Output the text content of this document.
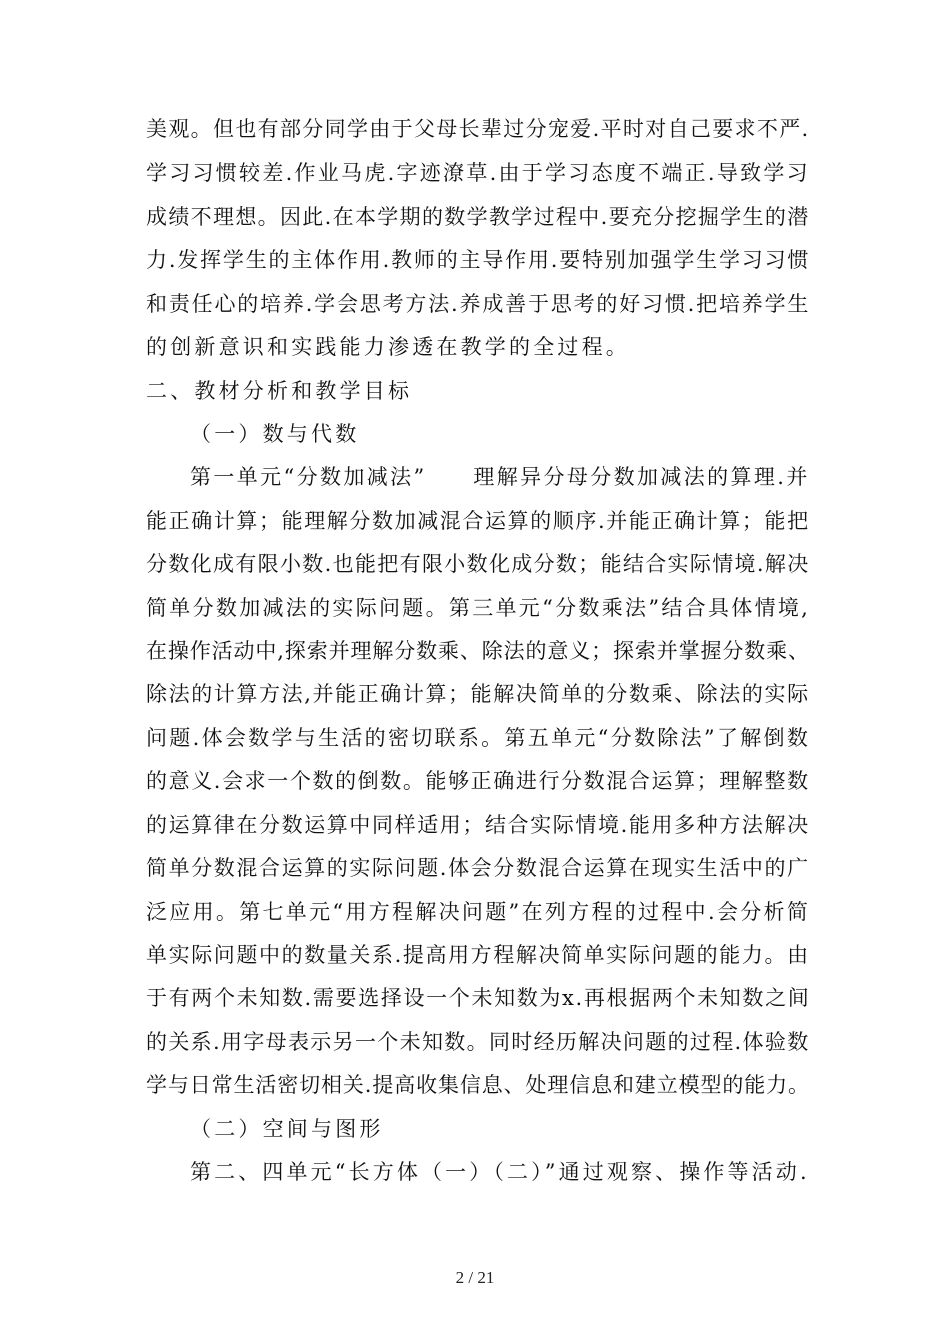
美观。但也有部分同学由于父母长辈过分宠爱.平时对自己要求不严.
学习习惯较差.作业马虎.字迹潦草.由于学习态度不端正.导致学习
成绩不理想。因此.在本学期的数学教学过程中.要充分挖掘学生的潜
力.发挥学生的主体作用.教师的主导作用.要特别加强学生学习习惯
和责任心的培养.学会思考方法.养成善于思考的好习惯.把培养学生
的创新意识和实践能力渗透在教学的全过程。
二、教材分析和教学目标
（一）数与代数
第一单元“分数加减法”　　理解异分母分数加减法的算理.并
能正确计算；能理解分数加减混合运算的顺序.并能正确计算；能把
分数化成有限小数.也能把有限小数化成分数；能结合实际情境.解决
简单分数加减法的实际问题。第三单元“分数乘法”结合具体情境,
在操作活动中,探索并理解分数乘、除法的意义；探索并掌握分数乘、
除法的计算方法,并能正确计算；能解决简单的分数乘、除法的实际
问题.体会数学与生活的密切联系。第五单元“分数除法”了解倒数
的意义.会求一个数的倒数。能够正确进行分数混合运算；理解整数
的运算律在分数运算中同样适用；结合实际情境.能用多种方法解决
简单分数混合运算的实际问题.体会分数混合运算在现实生活中的广
泛应用。第七单元“用方程解决问题”在列方程的过程中.会分析简
单实际问题中的数量关系.提高用方程解决简单实际问题的能力。由
于有两个未知数.需要选择设一个未知数为x.再根据两个未知数之间
的关系.用字母表示另一个未知数。同时经历解决问题的过程.体验数
学与日常生活密切相关.提高收集信息、处理信息和建立模型的能力。
（二）空间与图形
第二、四单元“长方体（一）（二）”通过观察、操作等活动.
2 / 21
